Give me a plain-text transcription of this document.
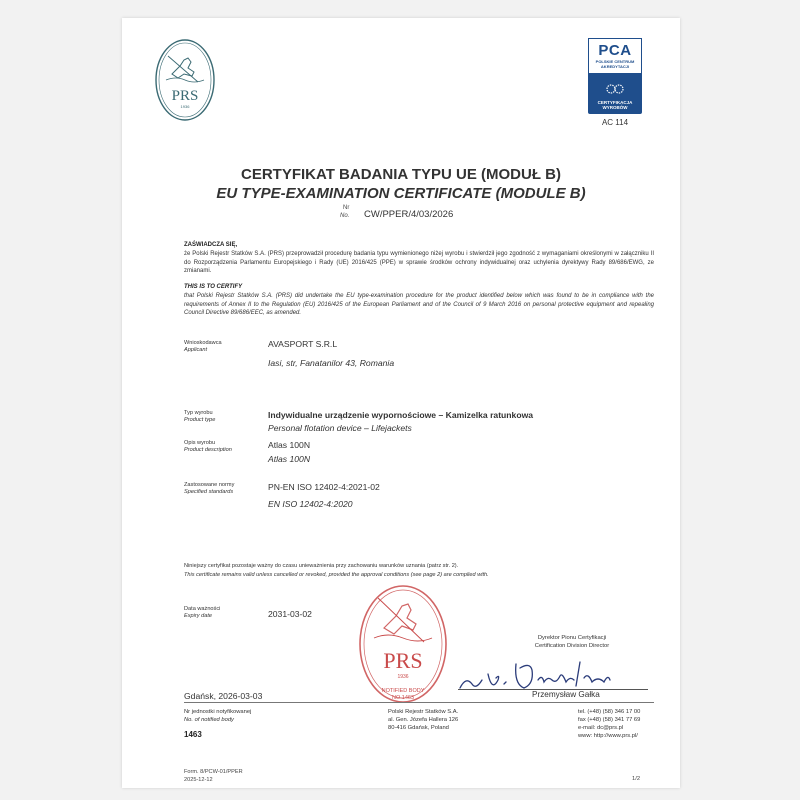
PRS
1936
PCA
POLSKIE CENTRUM
AKREDYTACJI
CERTYFIKACJA
WYROBÓW
AC 114
CERTYFIKAT BADANIA TYPU UE (MODUŁ B)
EU TYPE-EXAMINATION CERTIFICATE (MODULE B)
Nr
No. CW/PPER/4/03/2026
ZAŚWIADCZA SIĘ,
że Polski Rejestr Statków S.A. (PRS) przeprowadził procedurę badania typu wymienionego niżej wyrobu i stwierdził jego zgodność z wymaganiami określonymi w załączniku II do Rozporządzenia Parlamentu Europejskiego i Rady (UE) 2016/425 (PPE) w sprawie środków ochrony indywidualnej oraz uchylenia dyrektywy Rady 89/686/EWG, ze zmianami.
THIS IS TO CERTIFY
that Polski Rejestr Statków S.A. (PRS) did undertake the EU type-examination procedure for the product identified below which was found to be in compliance with the requirements of Annex II to the Regulation (EU) 2016/425 of the European Parliament and of the Council of 9 March 2016 on personal protective equipment and repealing Council Directive 89/686/EEC, as amended.
Wnioskodawca
Applicant
AVASPORT S.R.L
Iasi, str, Fanatanilor 43, Romania
Typ wyrobu
Product type	Indywidualne urządzenie wypornościowe – Kamizelka ratunkowa
Personal flotation device – Lifejackets
Opis wyrobu
Product description	Atlas 100N
Atlas 100N
Zastosowane normy
Specified standards	PN-EN ISO 12402-4:2021-02
EN ISO 12402-4:2020
Niniejszy certyfikat pozostaje ważny do czasu unieważnienia przy zachowaniu warunków uznania (patrz str. 2).
This certificate remains valid unless cancelled or revoked, provided the approval conditions (see page 2) are complied with.
Data ważności
Expiry date	2031-03-02
PRS
1936
NOTIFIED BODY
NO.1463
Dyrektor Pionu Certyfikacji
Certification Division Director
Przemysław Gałka
Gdańsk, 2026-03-03
Nr jednostki notyfikowanej
No. of notified body
1463
Polski Rejestr Statków S.A.
al. Gen. Józefa Hallera 126
80-416 Gdańsk, Poland
tel. (+48) (58) 346 17 00
fax (+48) (58) 341 77 69
e-mail: dc@prs.pl
www: http://www.prs.pl/
Form. 8/PCW-01/PPER
2025-12-12	1/2
